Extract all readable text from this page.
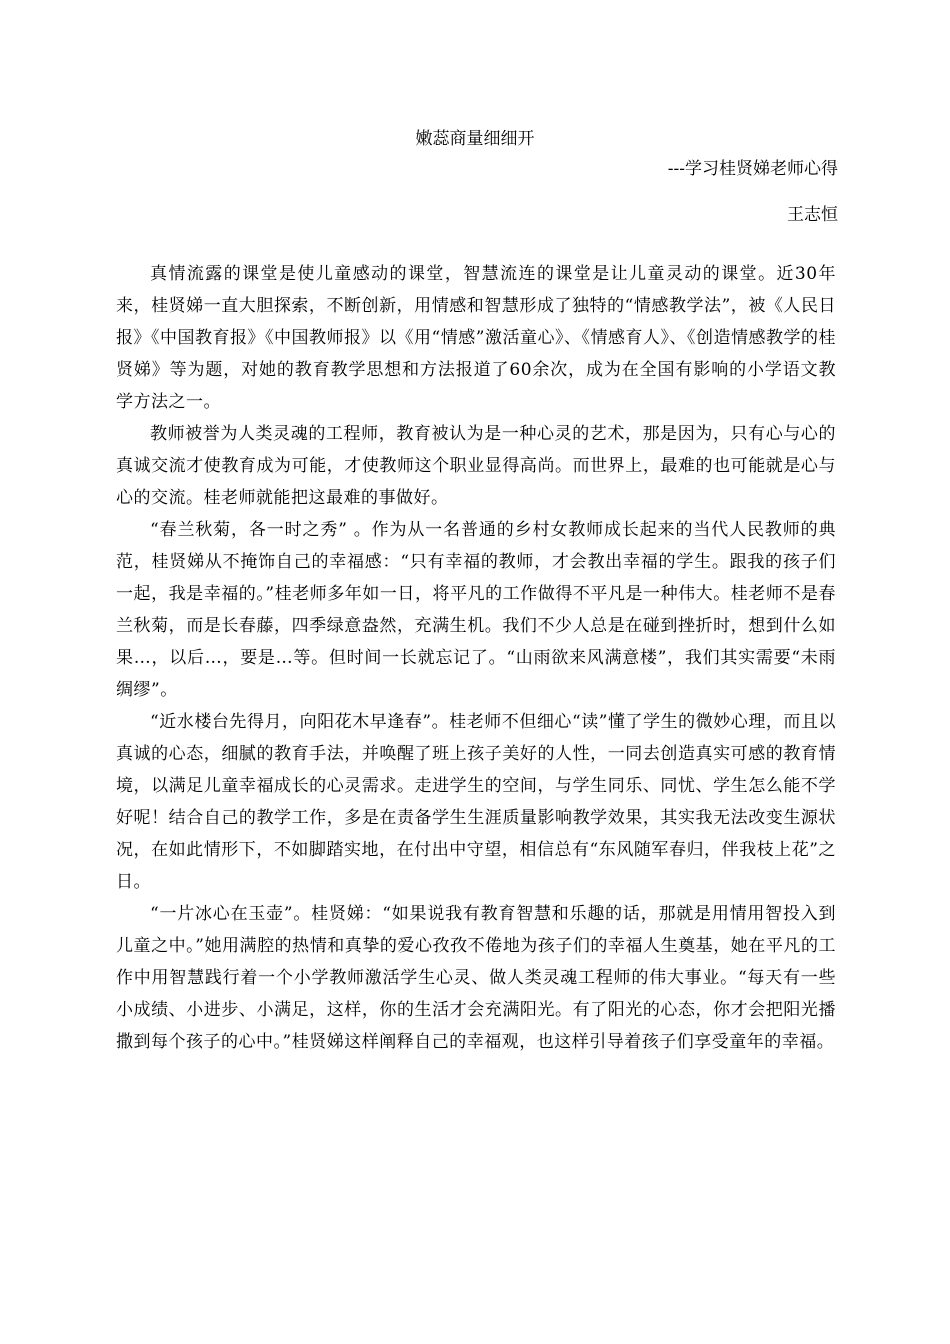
嫩蕊商量细细开

---学习桂贤娣老师心得

王志恒

真情流露的课堂是使儿童感动的课堂，智慧流连的课堂是让儿童灵动的课堂。近30年来，桂贤娣一直大胆探索，不断创新，用情感和智慧形成了独特的“情感教学法”，被《人民日报》《中国教育报》《中国教师报》以《用“情感”激活童心》、《情感育人》、《创造情感教学的桂贤娣》等为题，对她的教育教学思想和方法报道了60余次，成为在全国有影响的小学语文教学方法之一。

教师被誉为人类灵魂的工程师，教育被认为是一种心灵的艺术，那是因为，只有心与心的真诚交流才使教育成为可能，才使教师这个职业显得高尚。而世界上，最难的也可能就是心与心的交流。桂老师就能把这最难的事做好。

“春兰秋菊，各一时之秀” 。作为从一名普通的乡村女教师成长起来的当代人民教师的典范，桂贤娣从不掩饰自己的幸福感：“只有幸福的教师，才会教出幸福的学生。跟我的孩子们一起，我是幸福的。”桂老师多年如一日，将平凡的工作做得不平凡是一种伟大。桂老师不是春兰秋菊，而是长春藤，四季绿意盎然，充满生机。我们不少人总是在碰到挫折时，想到什么如果…，以后…，要是…等。但时间一长就忘记了。“山雨欲来风满意楼”，我们其实需要“未雨绸缪”。

“近水楼台先得月，向阳花木早逢春”。桂老师不但细心“读”懂了学生的微妙心理，而且以真诚的心态，细腻的教育手法，并唤醒了班上孩子美好的人性，一同去创造真实可感的教育情境，以满足儿童幸福成长的心灵需求。走进学生的空间，与学生同乐、同忧、学生怎么能不学好呢！结合自己的教学工作，多是在责备学生生涯质量影响教学效果，其实我无法改变生源状况，在如此情形下，不如脚踏实地，在付出中守望，相信总有“东风随军春归，伴我枝上花”之日。

“一片冰心在玉壶”。桂贤娣：“如果说我有教育智慧和乐趣的话，那就是用情用智投入到儿童之中。”她用满腔的热情和真挚的爱心孜孜不倦地为孩子们的幸福人生奠基，她在平凡的工作中用智慧践行着一个小学教师激活学生心灵、做人类灵魂工程师的伟大事业。“每天有一些小成绩、小进步、小满足，这样，你的生活才会充满阳光。有了阳光的心态，你才会把阳光播撒到每个孩子的心中。”桂贤娣这样阐释自己的幸福观，也这样引导着孩子们享受童年的幸福。
